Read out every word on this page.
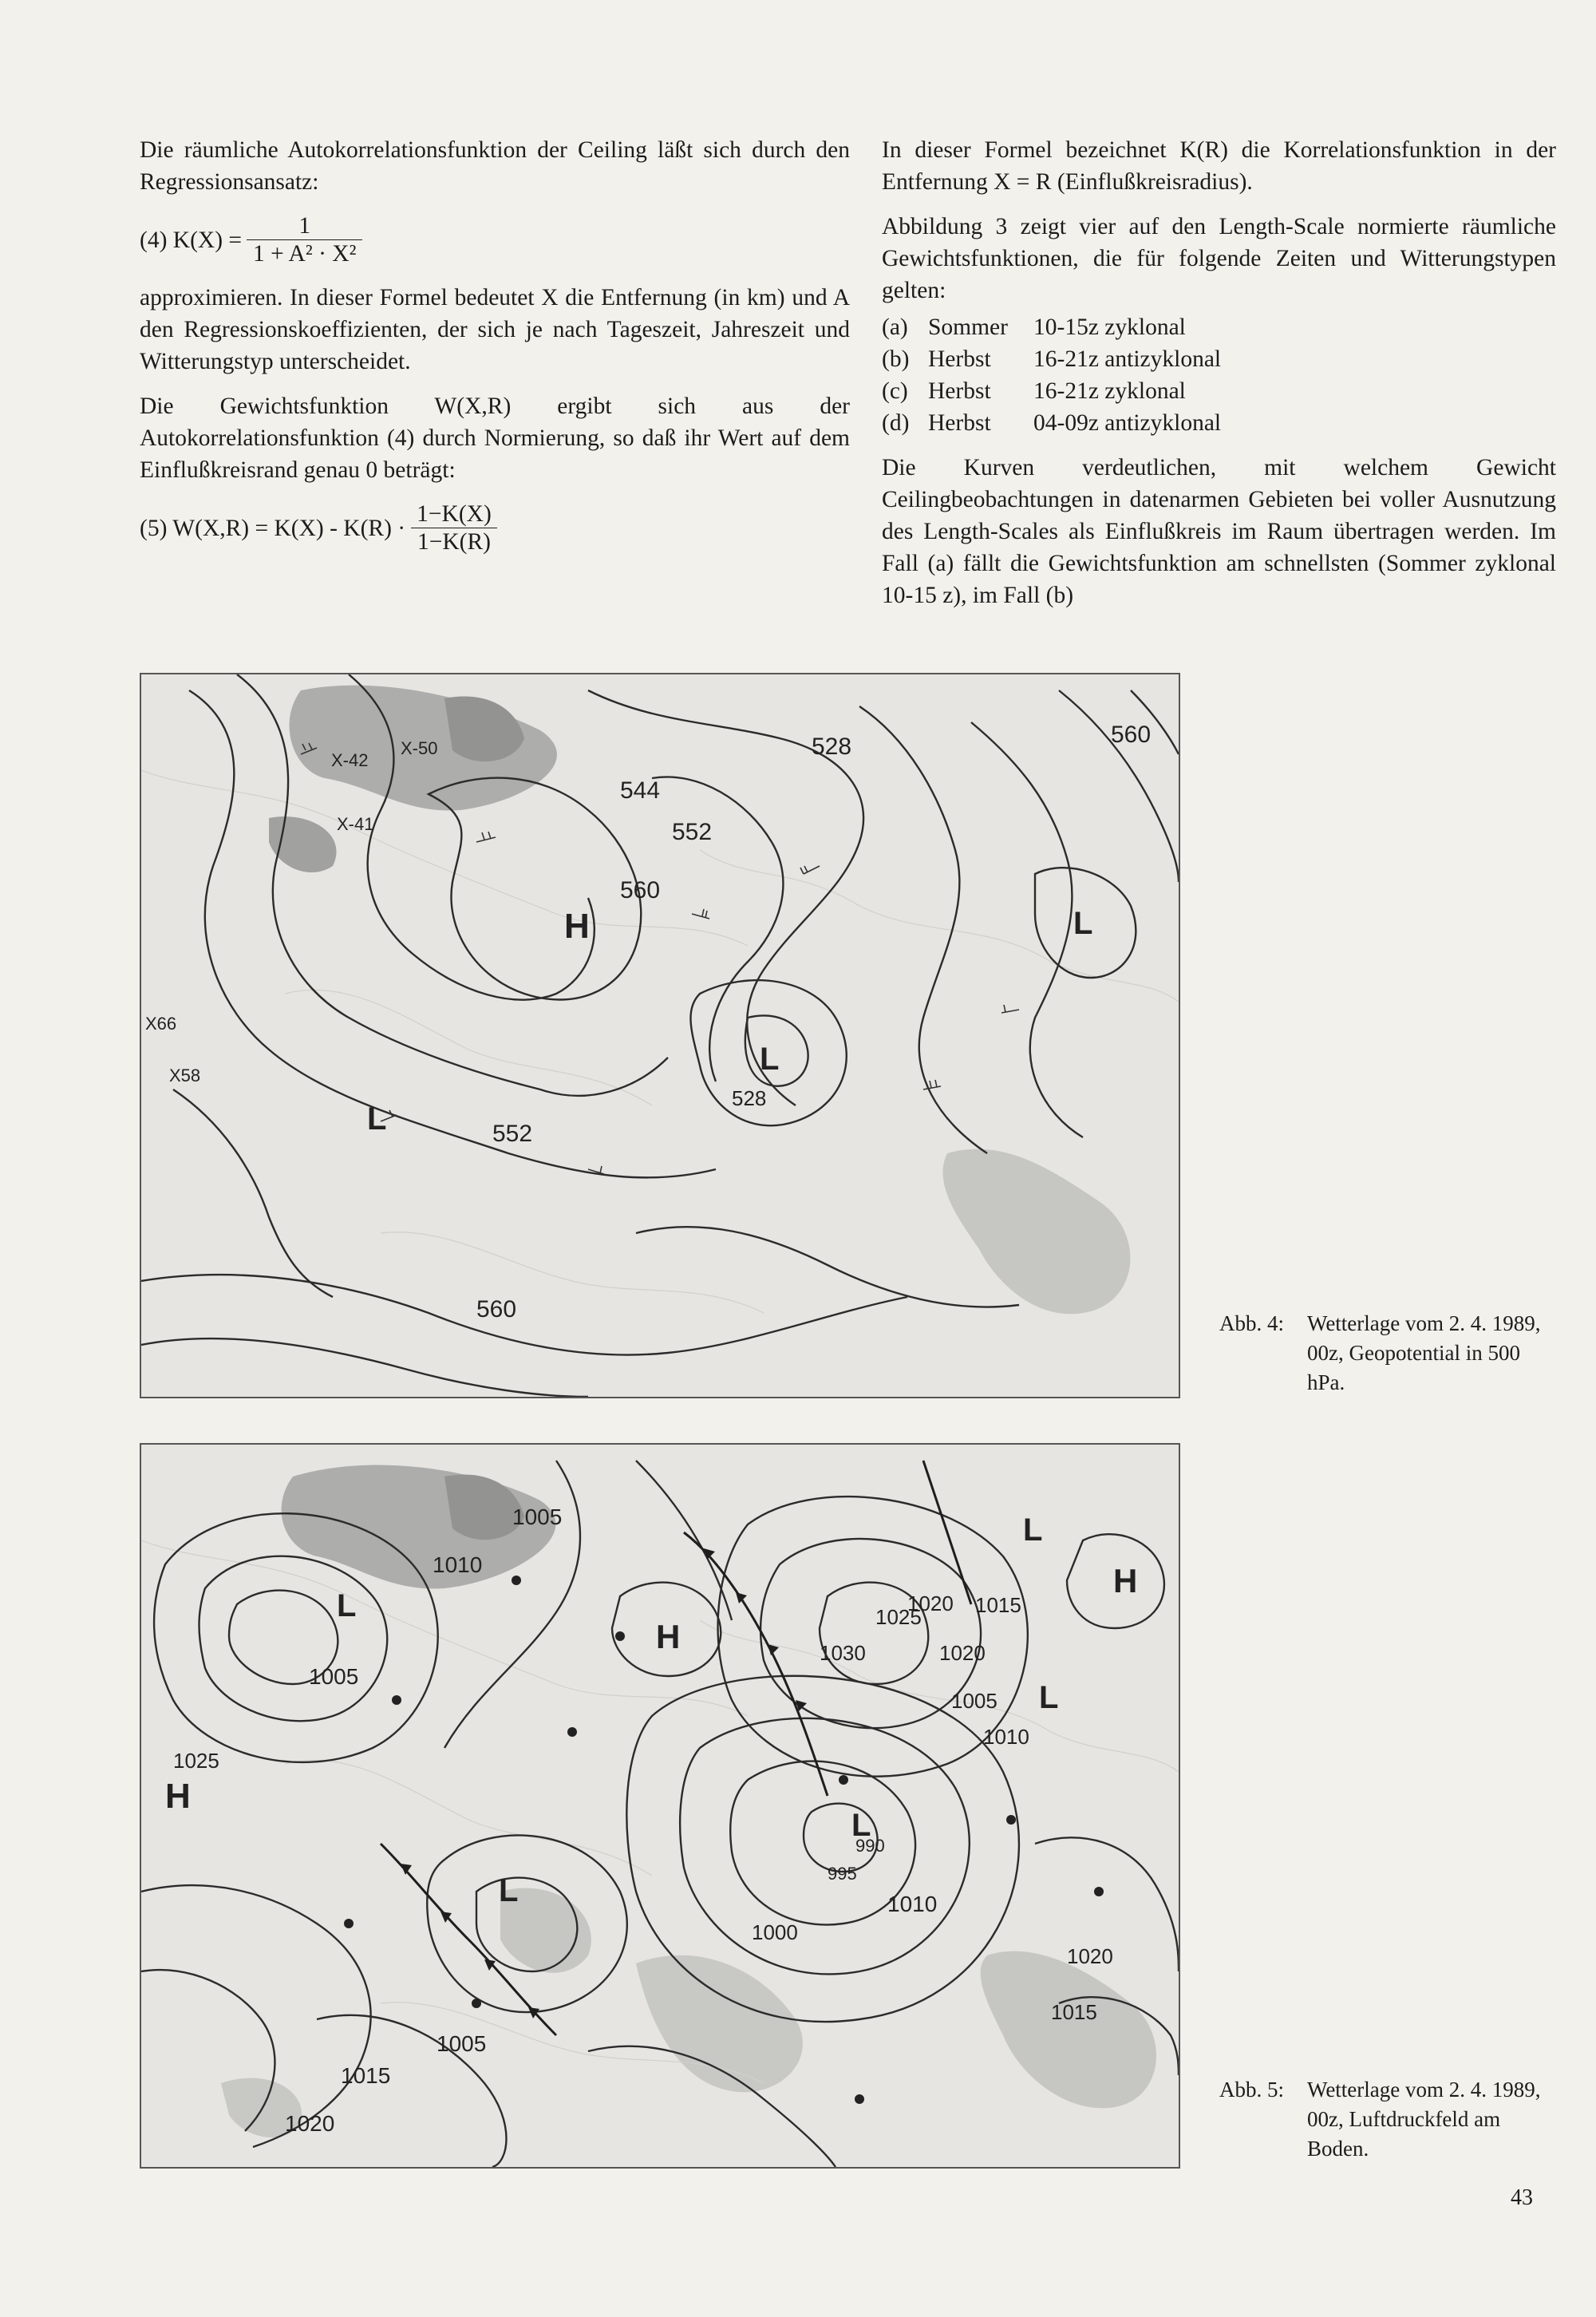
Die räumliche Autokorrelationsfunktion der Ceiling läßt sich durch den Regressionsansatz:

(4) $K(X) = \frac{1}{\text{1 + A² · X²}}$

approximieren. In dieser Formel bedeutet X die Entfernung (in km) und A den Regressionskoeffizienten, der sich je nach Tageszeit, Jahreszeit und Witterungstyp unterscheidet.

Die Gewichtsfunktion W(X,R) ergibt sich aus der Autokorrelationsfunktion (4) durch Normierung, so daß ihr Wert auf dem Einflußkreisrand genau 0 beträgt:

(5) $W(X,R) = K(X) - K(R) \cdot \frac{1-K(X)}{1-K(R)}$

In dieser Formel bezeichnet K(R) die Korrelationsfunktion in der Entfernung X = R (Einflußkreisradius).

Abbildung 3 zeigt vier auf den Length-Scale normierte räumliche Gewichtsfunktionen, die für folgende Zeiten und Witterungstypen gelten:

(a) Sommer	10-15z zyklonal
(b) Herbst	16-21z antizyklonal
(c) Herbst	16-21z zyklonal
(d) Herbst	04-09z antizyklonal

Die Kurven verdeutlichen, mit welchem Gewicht Ceilingbeobachtungen in datenarmen Gebieten bei voller Ausnutzung des Length-Scales als Einflußkreis im Raum übertragen werden. Im Fall (a) fällt die Gewichtsfunktion am schnellsten (Sommer zyklonal 10-15 z), im Fall (b)

H
L
L
L
528
544
552
552
560
560
560
528
X-50
X-41
X-42
X66
X58
Abb. 4:	Wetterlage vom 2. 4. 1989, 00z, Geopotential in 500 hPa.
H
H
H
L
L
L
L
L
1005
1010
1005
1025
1020
1030
1025
1020 1015
1015
1020
1005
1010
1000
1005
1010
1020
1015
990
995
Abb. 5:	Wetterlage vom 2. 4. 1989, 00z, Luftdruckfeld am Boden.
43
